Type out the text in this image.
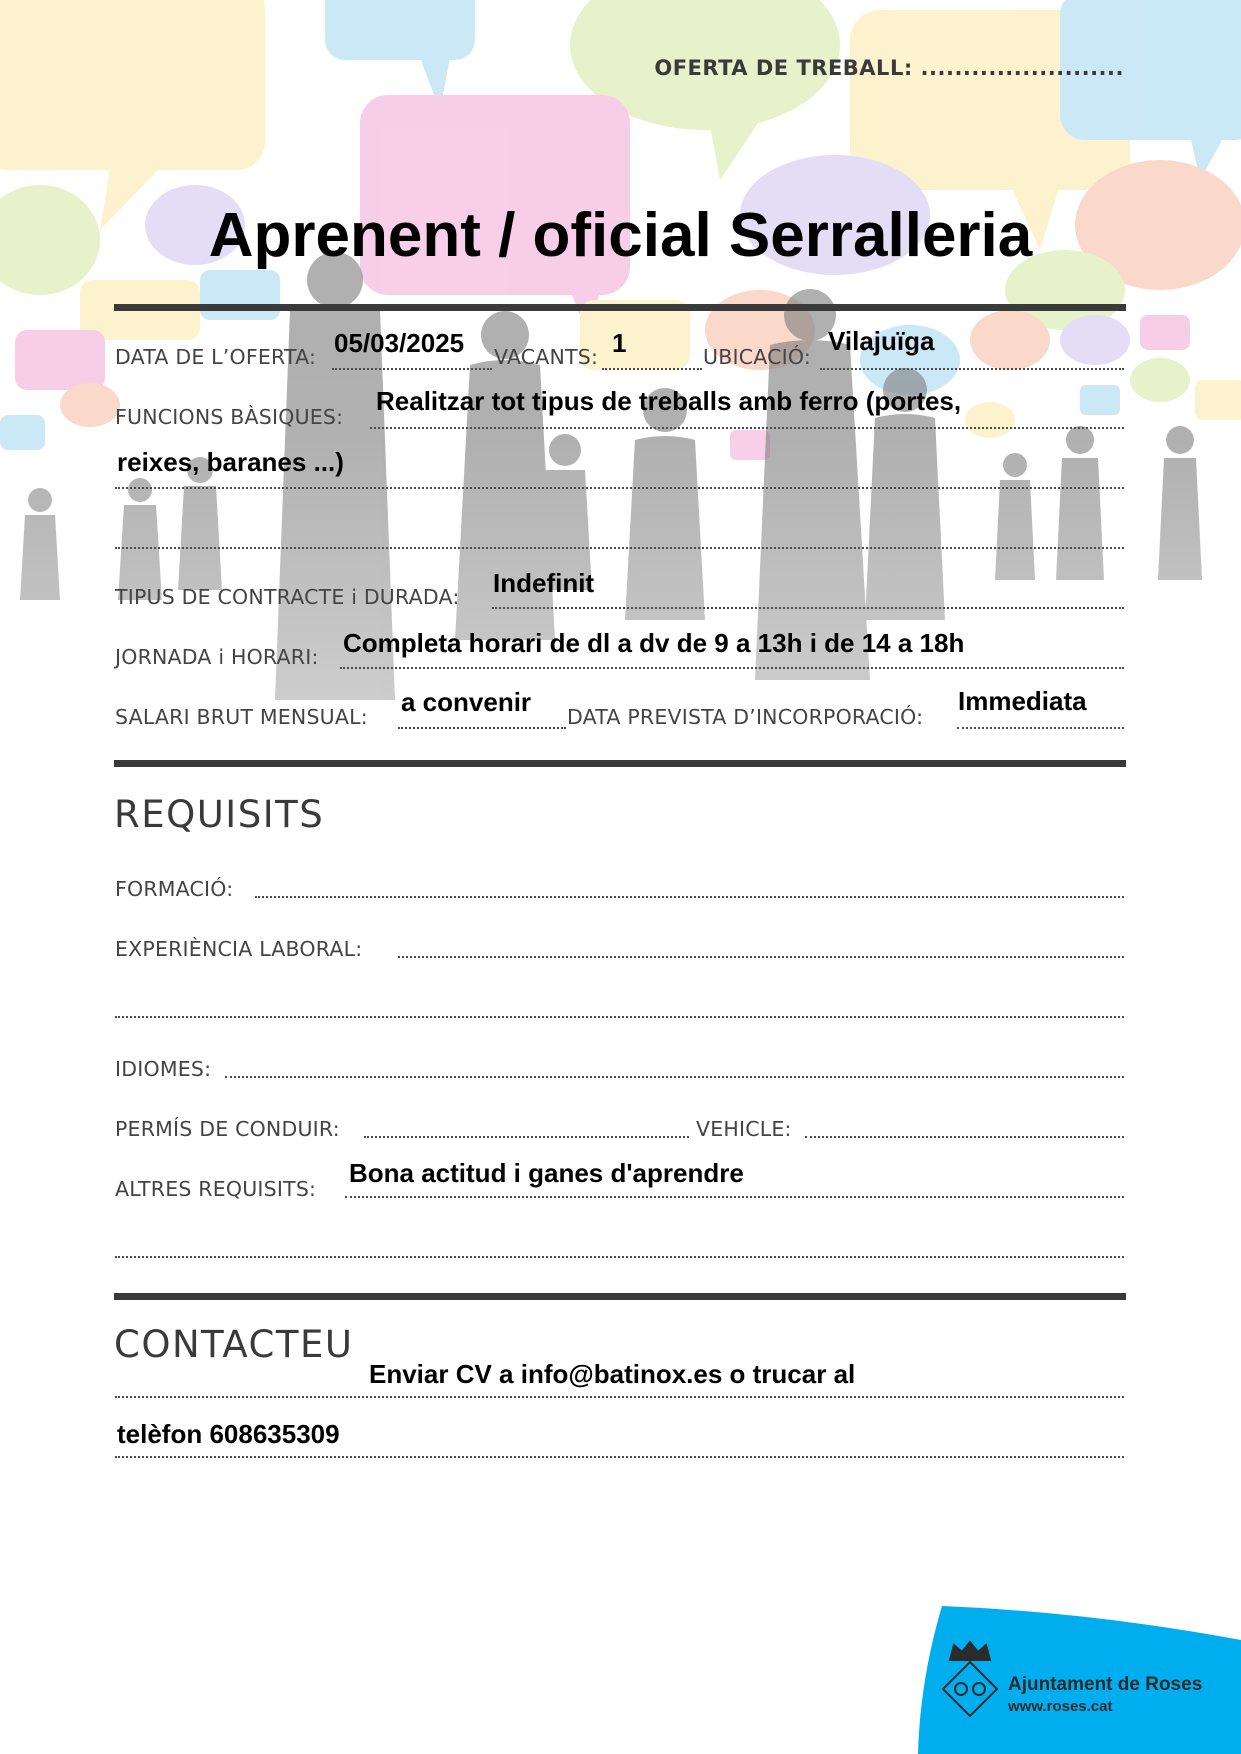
OFERTA DE TREBALL: ........................
Aprenent / oficial Serralleria
DATA DE L’OFERTA: 05/03/2025 VACANTS: 1	UBICACIÓ:
Vilajuïga
FUNCIONS BÀSIQUES:
Realitzar tot tipus de treballs amb ferro (portes,
reixes, baranes ...)
TIPUS DE CONTRACTE i DURADA: Indefinit
JORNADA i HORARI: Completa horari de dl a dv de 9 a 13h i de 14 a 18h
SALARI BRUT MENSUAL: a convenir DATA PREVISTA D’INCORPORACIÓ:
Immediata
REQUISITS
FORMACIÓ:
EXPERIÈNCIA LABORAL:
IDIOMES:
PERMÍS DE CONDUIR:	VEHICLE:
ALTRES REQUISITS:
Bona actitud i ganes d'aprendre
CONTACTEU
Enviar CV a info@batinox.es o trucar al
telèfon 608635309
Ajuntament de Roses
www.roses.cat
